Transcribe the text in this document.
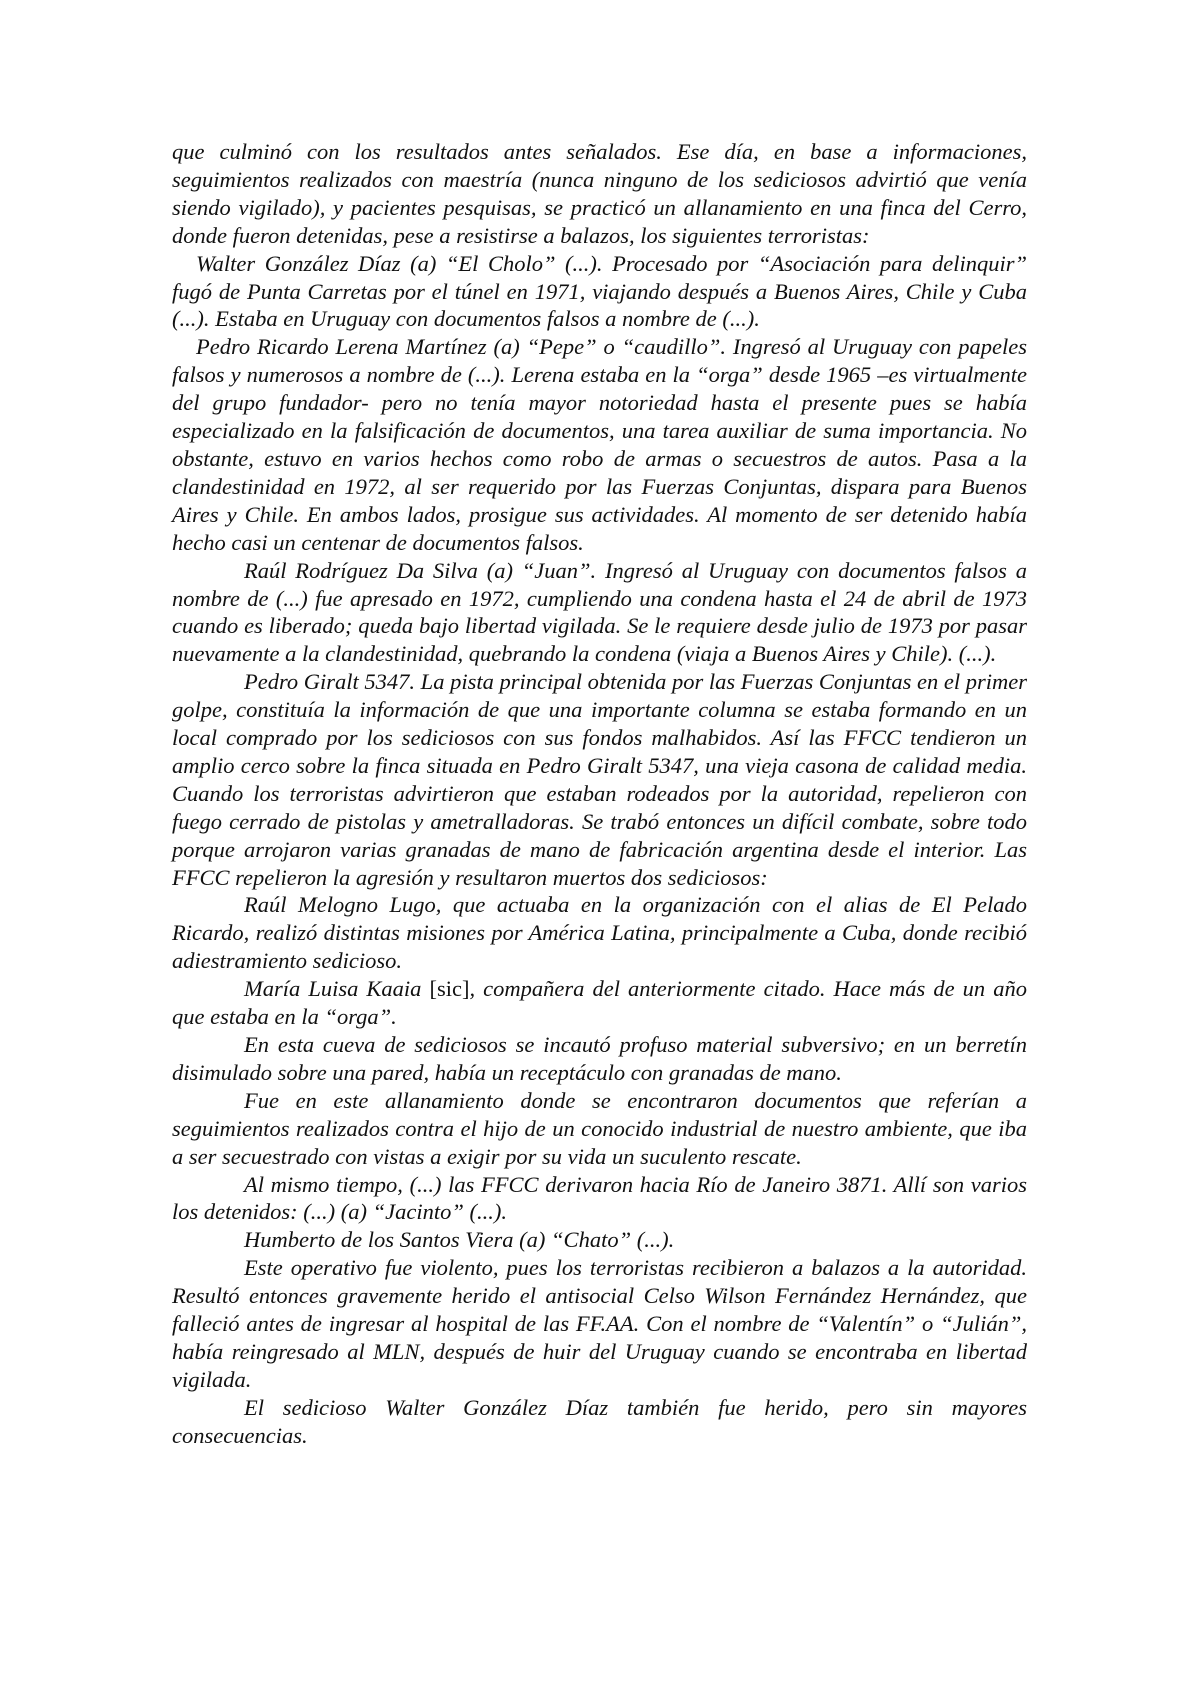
que culminó con los resultados antes señalados. Ese día, en base a informaciones, seguimientos realizados con maestría (nunca ninguno de los sediciosos advirtió que venía siendo vigilado), y pacientes pesquisas, se practicó un allanamiento en una finca del Cerro, donde fueron detenidas, pese a resistirse a balazos, los siguientes terroristas:

Walter González Díaz (a) “El Cholo” (...). Procesado por “Asociación para delinquir” fugó de Punta Carretas por el túnel en 1971, viajando después a Buenos Aires, Chile y Cuba (...). Estaba en Uruguay con documentos falsos a nombre de (...).

Pedro Ricardo Lerena Martínez (a) “Pepe” o “caudillo”. Ingresó al Uruguay con papeles falsos y numerosos a nombre de (...). Lerena estaba en la “orga” desde 1965 –es virtualmente del grupo fundador- pero no tenía mayor notoriedad hasta el presente pues se había especializado en la falsificación de documentos, una tarea auxiliar de suma importancia. No obstante, estuvo en varios hechos como robo de armas o secuestros de autos. Pasa a la clandestinidad en 1972, al ser requerido por las Fuerzas Conjuntas, dispara para Buenos Aires y Chile. En ambos lados, prosigue sus actividades. Al momento de ser detenido había hecho casi un centenar de documentos falsos.

Raúl Rodríguez Da Silva (a) “Juan”. Ingresó al Uruguay con documentos falsos a nombre de (...) fue apresado en 1972, cumpliendo una condena hasta el 24 de abril de 1973 cuando es liberado; queda bajo libertad vigilada. Se le requiere desde julio de 1973 por pasar nuevamente a la clandestinidad, quebrando la condena (viaja a Buenos Aires y Chile). (...).

Pedro Giralt 5347. La pista principal obtenida por las Fuerzas Conjuntas en el primer golpe, constituía la información de que una importante columna se estaba formando en un local comprado por los sediciosos con sus fondos malhabidos. Así las FFCC tendieron un amplio cerco sobre la finca situada en Pedro Giralt 5347, una vieja casona de calidad media. Cuando los terroristas advirtieron que estaban rodeados por la autoridad, repelieron con fuego cerrado de pistolas y ametralladoras. Se trabó entonces un difícil combate, sobre todo porque arrojaron varias granadas de mano de fabricación argentina desde el interior. Las FFCC repelieron la agresión y resultaron muertos dos sediciosos:

Raúl Melogno Lugo, que actuaba en la organización con el alias de El Pelado Ricardo, realizó distintas misiones por América Latina, principalmente a Cuba, donde recibió adiestramiento sedicioso.

María Luisa Kaaia [sic], compañera del anteriormente citado. Hace más de un año que estaba en la “orga”.

En esta cueva de sediciosos se incautó profuso material subversivo; en un berretín disimulado sobre una pared, había un receptáculo con granadas de mano.

Fue en este allanamiento donde se encontraron documentos que referían a seguimientos realizados contra el hijo de un conocido industrial de nuestro ambiente, que iba a ser secuestrado con vistas a exigir por su vida un suculento rescate.

Al mismo tiempo, (...) las FFCC derivaron hacia Río de Janeiro 3871. Allí son varios los detenidos: (...) (a) “Jacinto” (...).

Humberto de los Santos Viera (a) “Chato” (...).

Este operativo fue violento, pues los terroristas recibieron a balazos a la autoridad. Resultó entonces gravemente herido el antisocial Celso Wilson Fernández Hernández, que falleció antes de ingresar al hospital de las FF.AA. Con el nombre de “Valentín” o “Julián”, había reingresado al MLN, después de huir del Uruguay cuando se encontraba en libertad vigilada.

El sedicioso Walter González Díaz también fue herido, pero sin mayores consecuencias.
